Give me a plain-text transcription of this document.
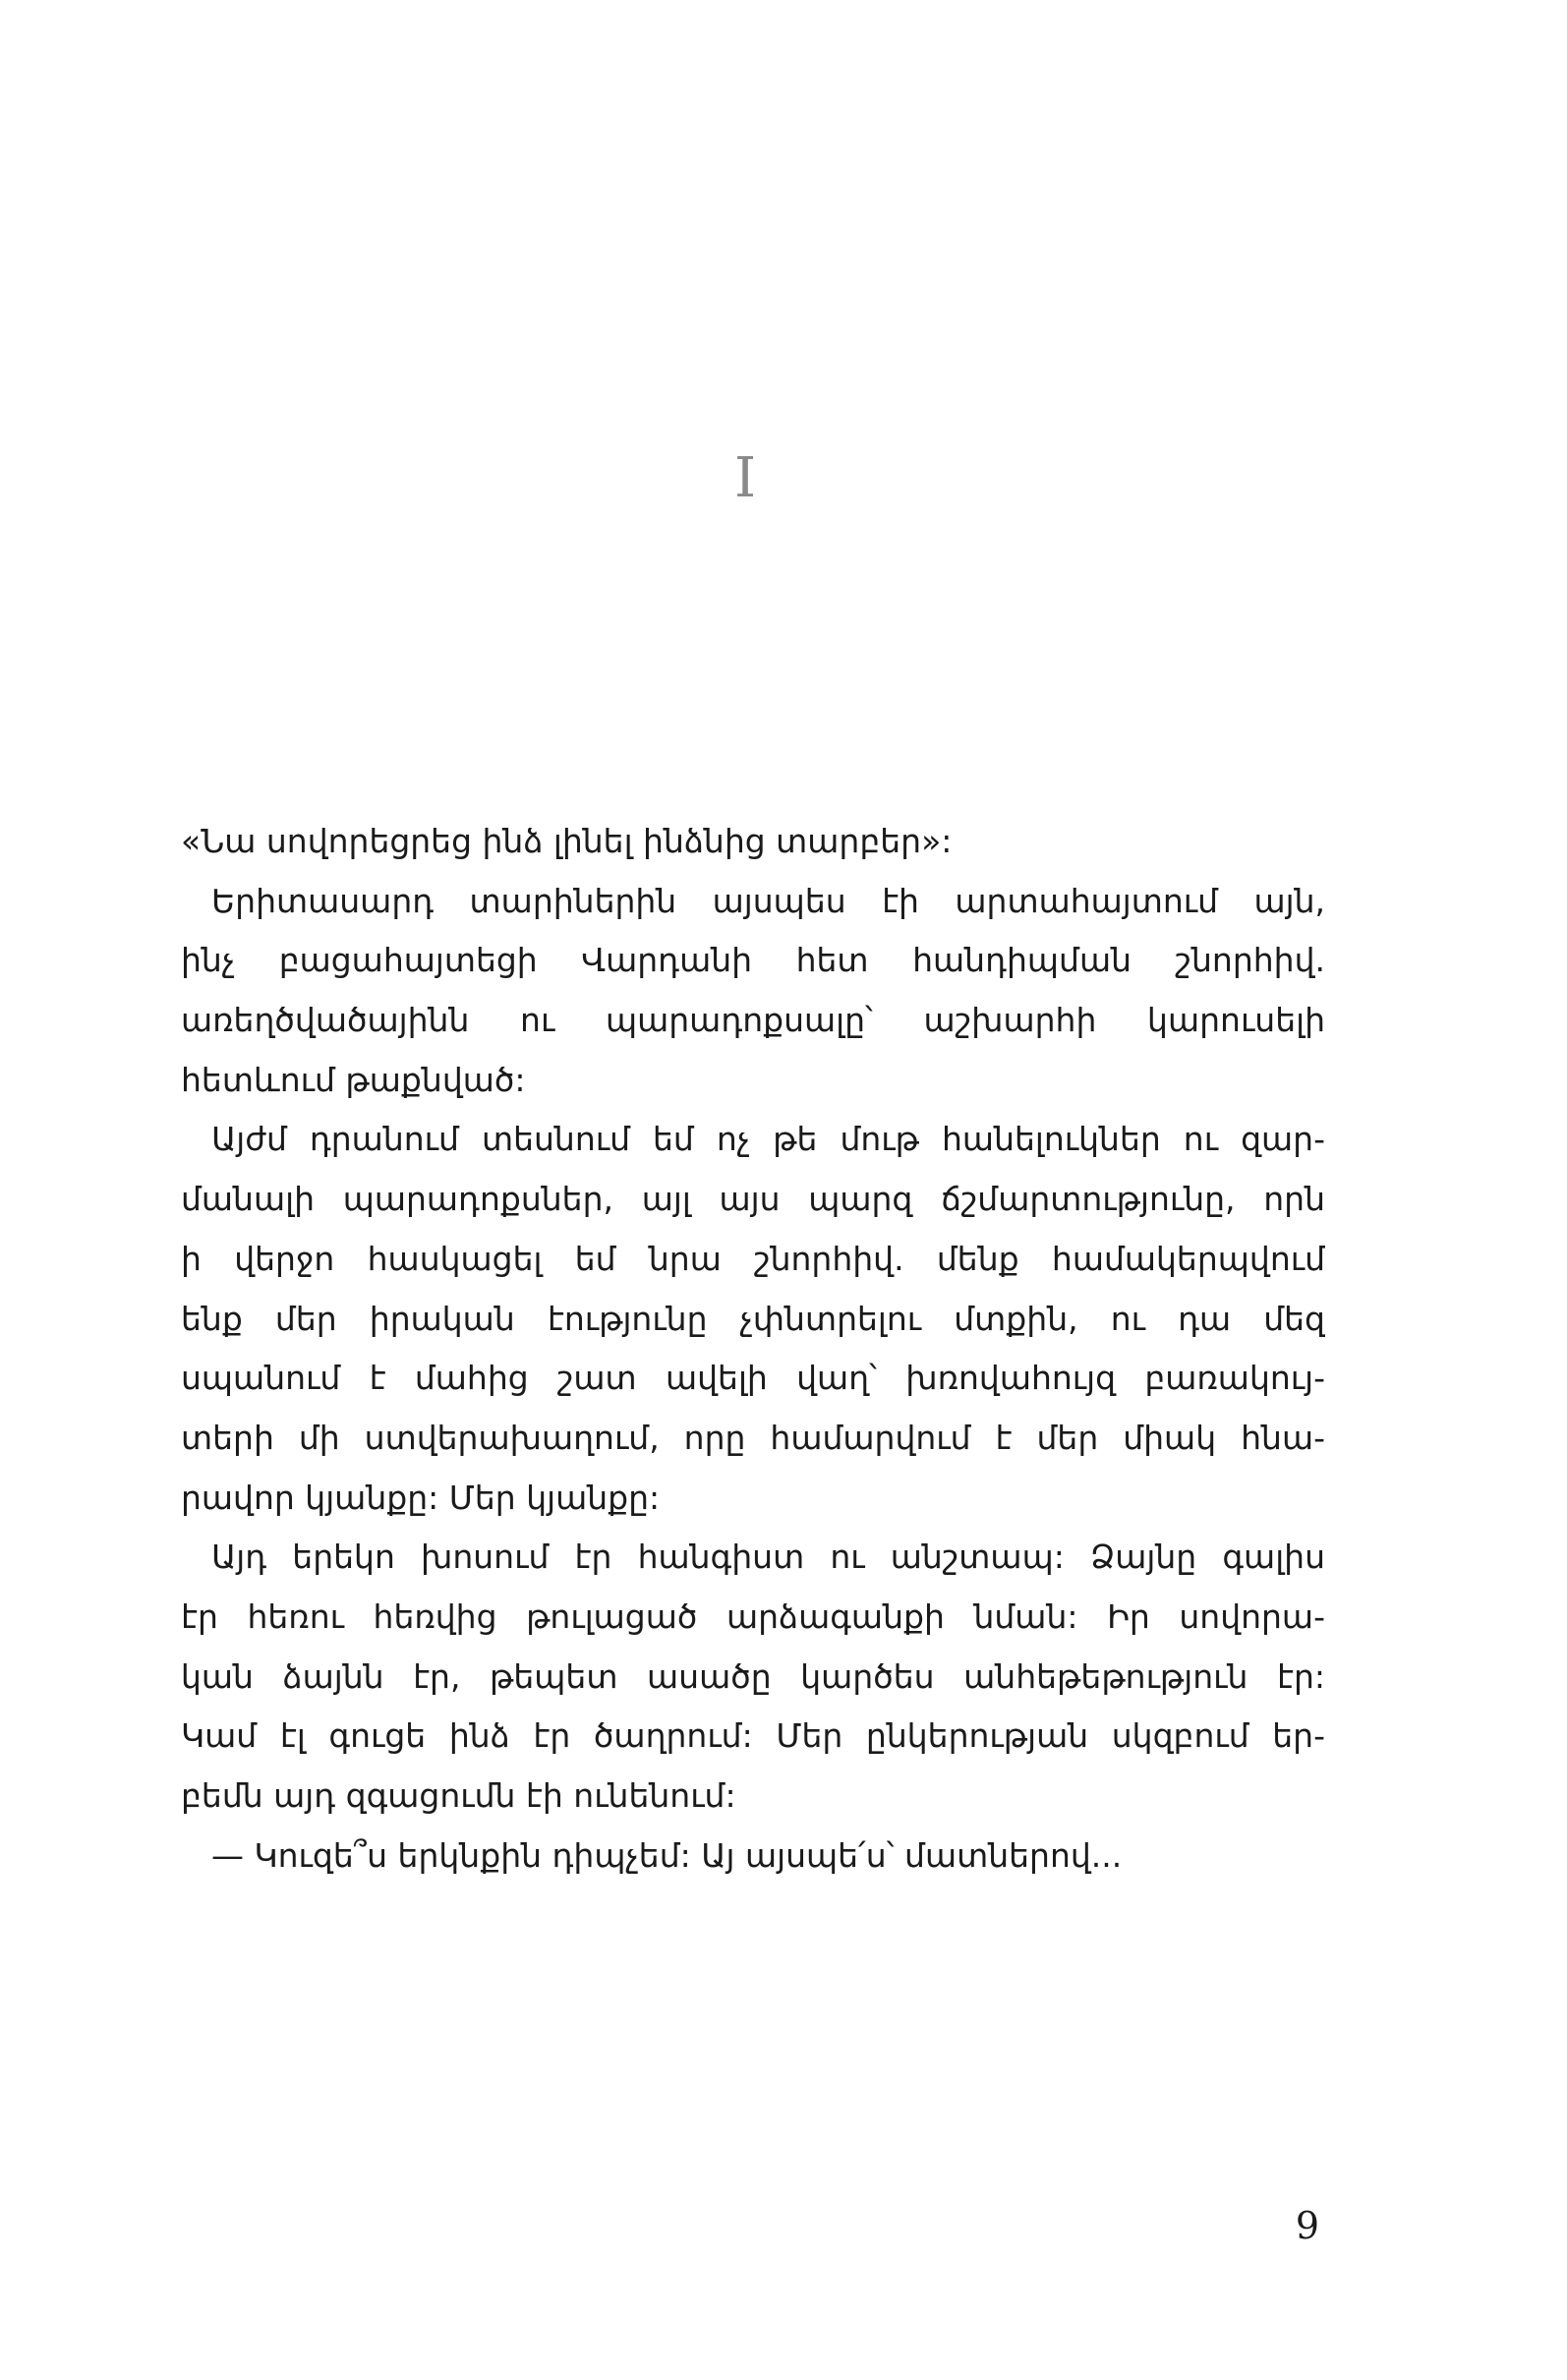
I
«Նա սովորեցրեց ինձ լինել ինձնից տարբեր»:
Երիտասարդ տարիներին այսպես էի արտահայտում այն,
ինչ բացահայտեցի Վարդանի հետ հանդիպման շնորհիվ.
առեղծվածայինն ու պարադոքսալը՝ աշխարհի կարուսելի
հետևում թաքնված:
Այժմ դրանում տեսնում եմ ոչ թե մութ հանելուկներ ու զար-
մանալի պարադոքսներ, այլ այս պարզ ճշմարտությունը, որն
ի վերջո հասկացել եմ նրա շնորհիվ. մենք համակերպվում
ենք մեր իրական էությունը չփնտրելու մտքին, ու դա մեզ
սպանում է մահից շատ ավելի վաղ՝ խռովահույզ բառակույ-
տերի մի ստվերախաղում, որը համարվում է մեր միակ հնա-
րավոր կյանքը: Մեր կյանքը:
Այդ երեկո խոսում էր հանգիստ ու անշտապ: Ձայնը գալիս
էր հեռու հեռվից թուլացած արձագանքի նման: Իր սովորա-
կան ձայնն էր, թեպետ ասածը կարծես անհեթեթություն էր:
Կամ էլ գուցե ինձ էր ծաղրում: Մեր ընկերության սկզբում եր-
բեմն այդ զգացումն էի ունենում:
— Կուզե՞ս երկնքին դիպչեմ: Այ այսպե՛ս՝ մատներով...
9
